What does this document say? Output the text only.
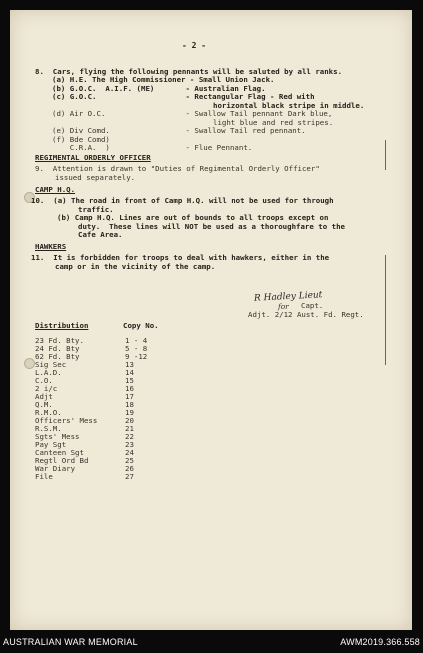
- 2 -
8.  Cars, flying the following pennants will be saluted by all ranks.
(a) H.E. The High Commissioner - Small Union Jack.
(b) G.O.C.  A.I.F. (ME)       - Australian Flag.
(c) G.O.C.                    - Rectangular Flag - Red with
horizontal black stripe in middle.
(d) Air O.C.                  - Swallow Tail pennant Dark blue,
light blue and red stripes.
(e) Div Comd.                 - Swallow Tail red pennant.
(f) Bde Comd)
C.R.A.  )                 - Flue Pennant.
REGIMENTAL ORDERLY OFFICER
9.  Attention is drawn to "Duties of Regimental Orderly Officer"
issued separately.
CAMP H.Q.
10.  (a) The road in front of Camp H.Q. will not be used for through
traffic.
(b) Camp H.Q. Lines are out of bounds to all troops except on
duty.  These lines will NOT be used as a thoroughfare to the
Cafe Area.
HAWKERS
11.  It is forbidden for troops to deal with hawkers, either in the
camp or in the vicinity of the camp.
R Hadley Lieut
for Capt.
Adjt. 2/12 Aust. Fd. Regt.
Distribution	Copy No.
23 Fd. Bty.	1 - 4
24 Fd. Bty	5 - 8
62 Fd. Bty	9 -12
Sig Sec	13
L.A.D.	14
C.O.	15
2 i/c	16
Adjt	17
Q.M.	18
R.M.O.	19
Officers' Mess	20
R.S.M.	21
Sgts' Mess	22
Pay Sgt	23
Canteen Sgt	24
Regtl Ord Bd	25
War Diary	26
File	27
AUSTRALIAN WAR MEMORIAL	AWM2019.366.558
